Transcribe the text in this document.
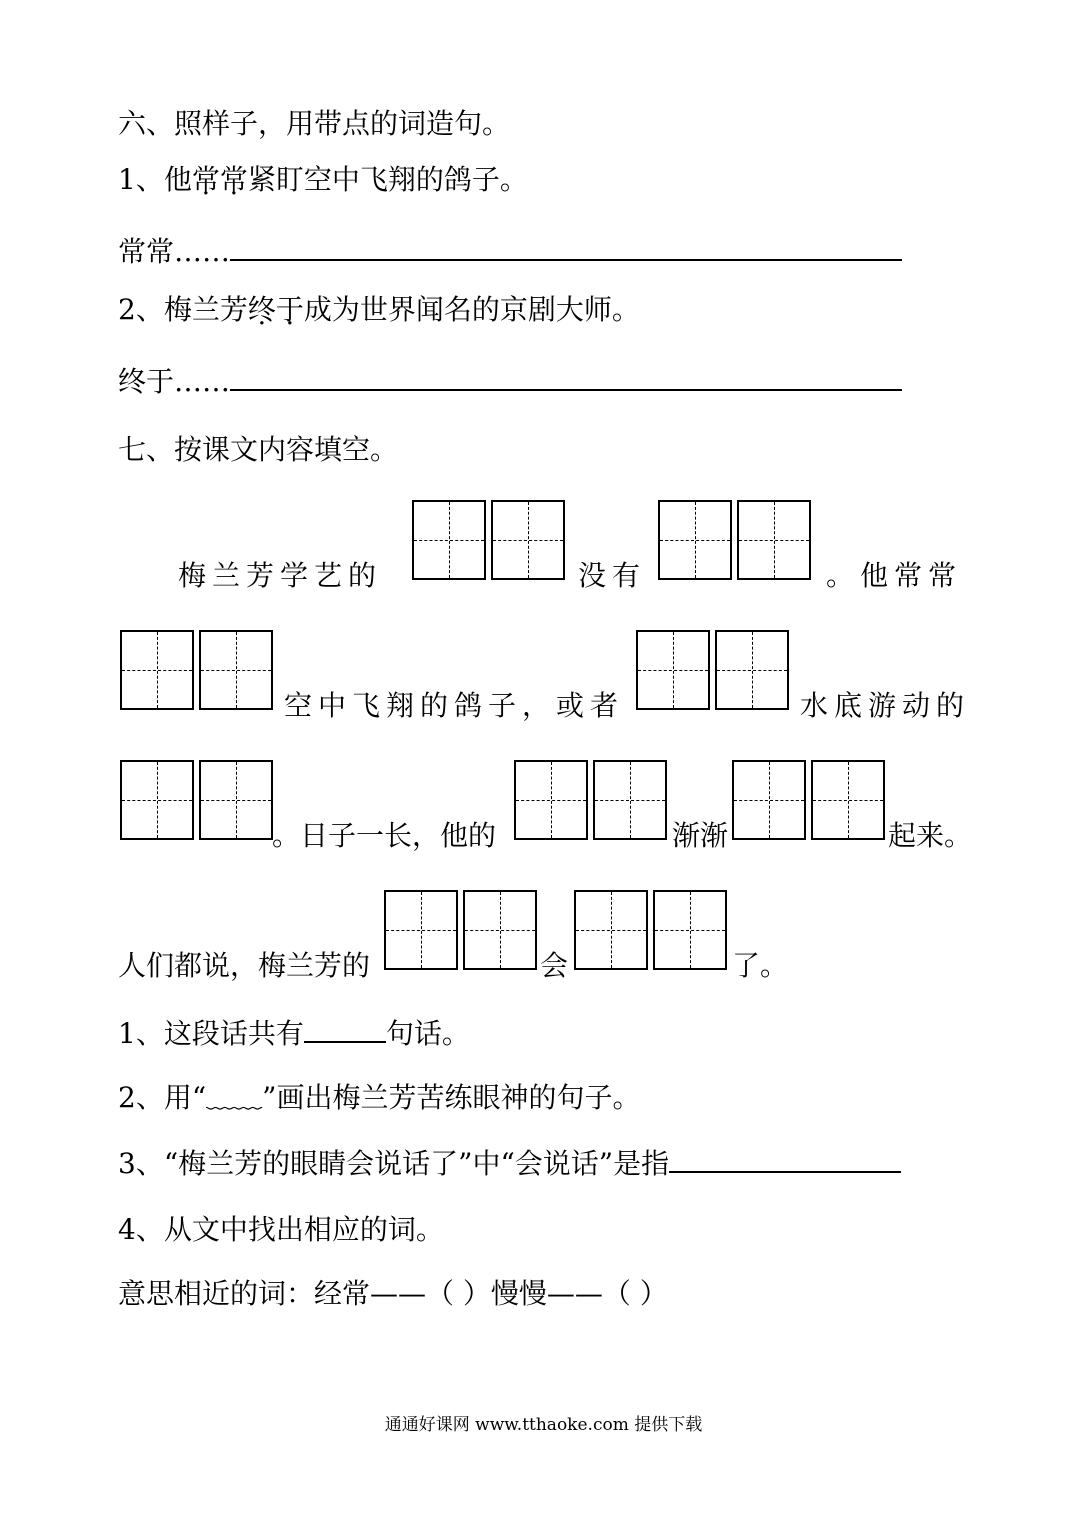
六、照样子，用带点的词造句。
1、他常常紧盯空中飞翔的鸽子。
常常……
2、梅兰芳终于成为世界闻名的京剧大师。
终于……
七、按课文内容填空。
梅兰芳学艺的	没有	。他常常
空中飞翔的鸽子，或者	水底游动的
。日子一长，他的	渐渐	起来。
人们都说，梅兰芳的	会	了。
1、这段话共有	句话。
2、用“﹏﹏”画出梅兰芳苦练眼神的句子。
3、“梅兰芳的眼睛会说话了”中“会说话”是指
4、从文中找出相应的词。
意思相近的词：经常——（ ）慢慢——（ ）
通通好课网 www.tthaoke.com 提供下载
